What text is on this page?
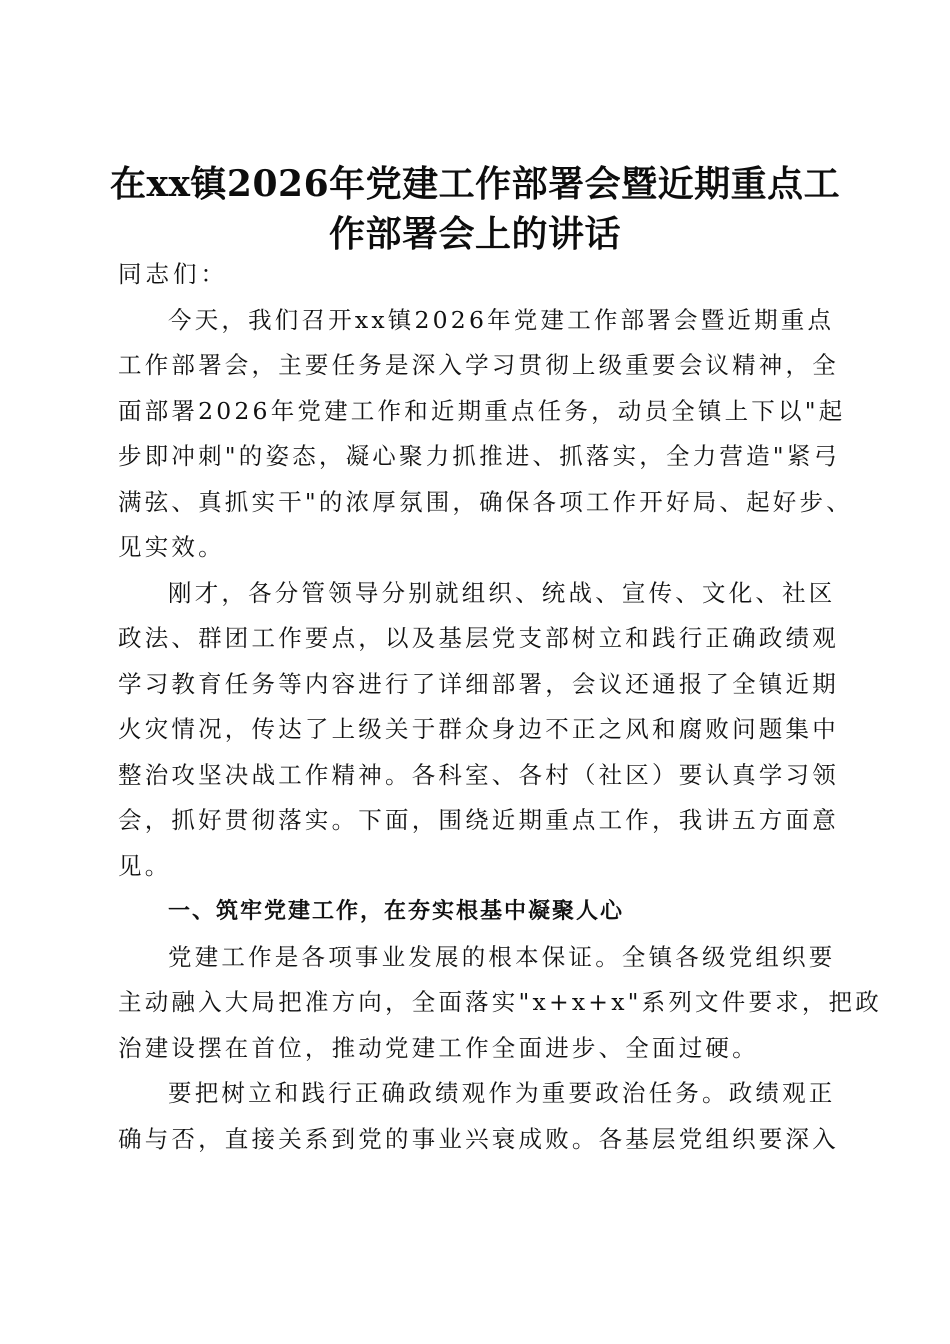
在xx镇2026年党建工作部署会暨近期重点工
作部署会上的讲话

同志们：

今天，我们召开xx镇2026年党建工作部署会暨近期重点
工作部署会，主要任务是深入学习贯彻上级重要会议精神，全
面部署2026年党建工作和近期重点任务，动员全镇上下以"起
步即冲刺"的姿态，凝心聚力抓推进、抓落实，全力营造"紧弓
满弦、真抓实干"的浓厚氛围，确保各项工作开好局、起好步、
见实效。

刚才，各分管领导分别就组织、统战、宣传、文化、社区
政法、群团工作要点，以及基层党支部树立和践行正确政绩观
学习教育任务等内容进行了详细部署，会议还通报了全镇近期
火灾情况，传达了上级关于群众身边不正之风和腐败问题集中
整治攻坚决战工作精神。各科室、各村（社区）要认真学习领
会，抓好贯彻落实。下面，围绕近期重点工作，我讲五方面意
见。

一、筑牢党建工作，在夯实根基中凝聚人心

党建工作是各项事业发展的根本保证。全镇各级党组织要
主动融入大局把准方向，全面落实"x+x+x"系列文件要求，把政
治建设摆在首位，推动党建工作全面进步、全面过硬。

要把树立和践行正确政绩观作为重要政治任务。政绩观正
确与否，直接关系到党的事业兴衰成败。各基层党组织要深入
